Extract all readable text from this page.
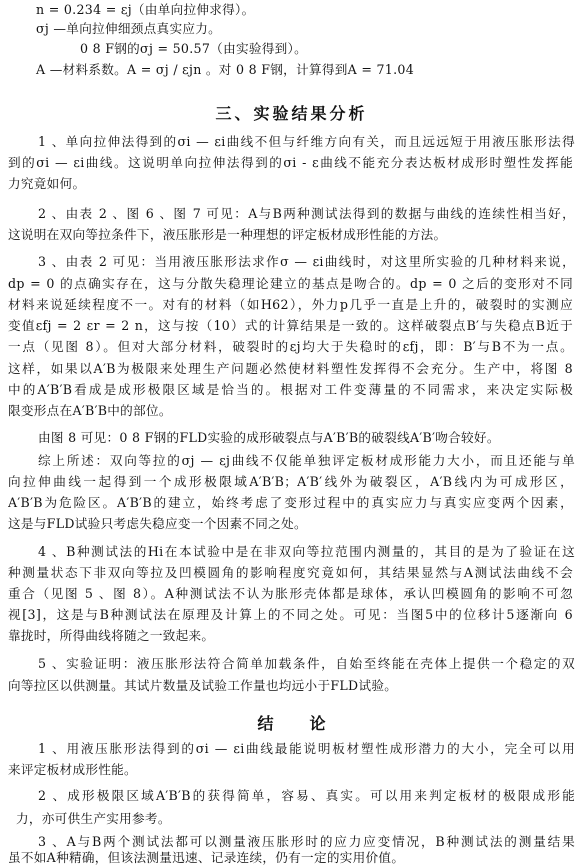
n = 0.234 = εj（由单向拉伸求得）。
σj —单向拉伸细颈点真实应力。
0 8 F钢的σj = 50.57（由实验得到）。
A —材料系数。A = σj / εjn 。对 0 8 F钢，计算得到A = 71.04
三、实验结果分析
1 、单向拉伸法得到的σi — εi曲线不但与纤维方向有关，而且远远短于用液压胀形法得
到的σi — εi曲线。这说明单向拉伸法得到的σi - ε曲线不能充分表达板材成形时塑性发挥能
力究竟如何。
2 、由表 2 、图 6 、图 7 可见：A与B两种测试法得到的数据与曲线的连续性相当好，
这说明在双向等拉条件下，液压胀形是一种理想的评定板材成形性能的方法。
3 、由表 2 可见：当用液压胀形法求作σ — εi曲线时，对这里所实验的几种材料来说，
dp = 0 的点确实存在，这与分散失稳理论建立的基点是吻合的。dp = 0 之后的变形对不同
材料来说延续程度不一。对有的材料（如H62），外力p几乎一直是上升的，破裂时的实测应
变值εfj = 2 εr = 2 n，这与按（10）式的计算结果是一致的。这样破裂点B′与失稳点B近于
一点（见图 8）。但对大部分材料，破裂时的εj均大于失稳时的εfj，即：B′与B不为一点。
这样，如果以A′B为极限来处理生产问题必然使材料塑性发挥得不会充分。生产中，将图 8
中的A′B′B看成是成形极限区域是恰当的。根据对工件变薄量的不同需求，来决定实际极
限变形点在A′B′B中的部位。
由图 8 可见：0 8 F钢的FLD实验的成形破裂点与A′B′B的破裂线A′B′吻合较好。
综上所述：双向等拉的σj — εj曲线不仅能单独评定板材成形能力大小，而且还能与单
向拉伸曲线一起得到一个成形极限域A′B′B；A′B′线外为破裂区，A′B线内为可成形区，
A′B′B为危险区。A′B′B的建立，始终考虑了变形过程中的真实应力与真实应变两个因素，
这是与FLD试验只考虑失稳应变一个因素不同之处。
4 、B种测试法的Hi在本试验中是在非双向等拉范围内测量的，其目的是为了验证在这
种测量状态下非双向等拉及凹模圆角的影响程度究竟如何，其结果显然与A测试法曲线不会
重合（见图 5 、图 8）。A种测试法不认为胀形壳体都是球体，承认凹模圆角的影响不可忽
视[3]，这是与B种测试法在原理及计算上的不同之处。可见：当图5中的位移计5逐渐向 6
靠拢时，所得曲线将随之一致起来。
5 、实验证明：液压胀形法符合简单加载条件，自始至终能在壳体上提供一个稳定的双
向等拉区以供测量。其试片数量及试验工作量也均远小于FLD试验。
结论
1 、用液压胀形法得到的σi — εi曲线最能说明板材塑性成形潜力的大小，完全可以用
来评定板材成形性能。
2 、成形极限区域A′B′B的获得简单，容易、真实。可以用来判定板材的极限成形能
力，亦可供生产实用参考。
3 、A与B两个测试法都可以测量液压胀形时的应力应变情况，B种测试法的测量结果
虽不如A种精确，但该法测量迅速、记录连续，仍有一定的实用价值。
